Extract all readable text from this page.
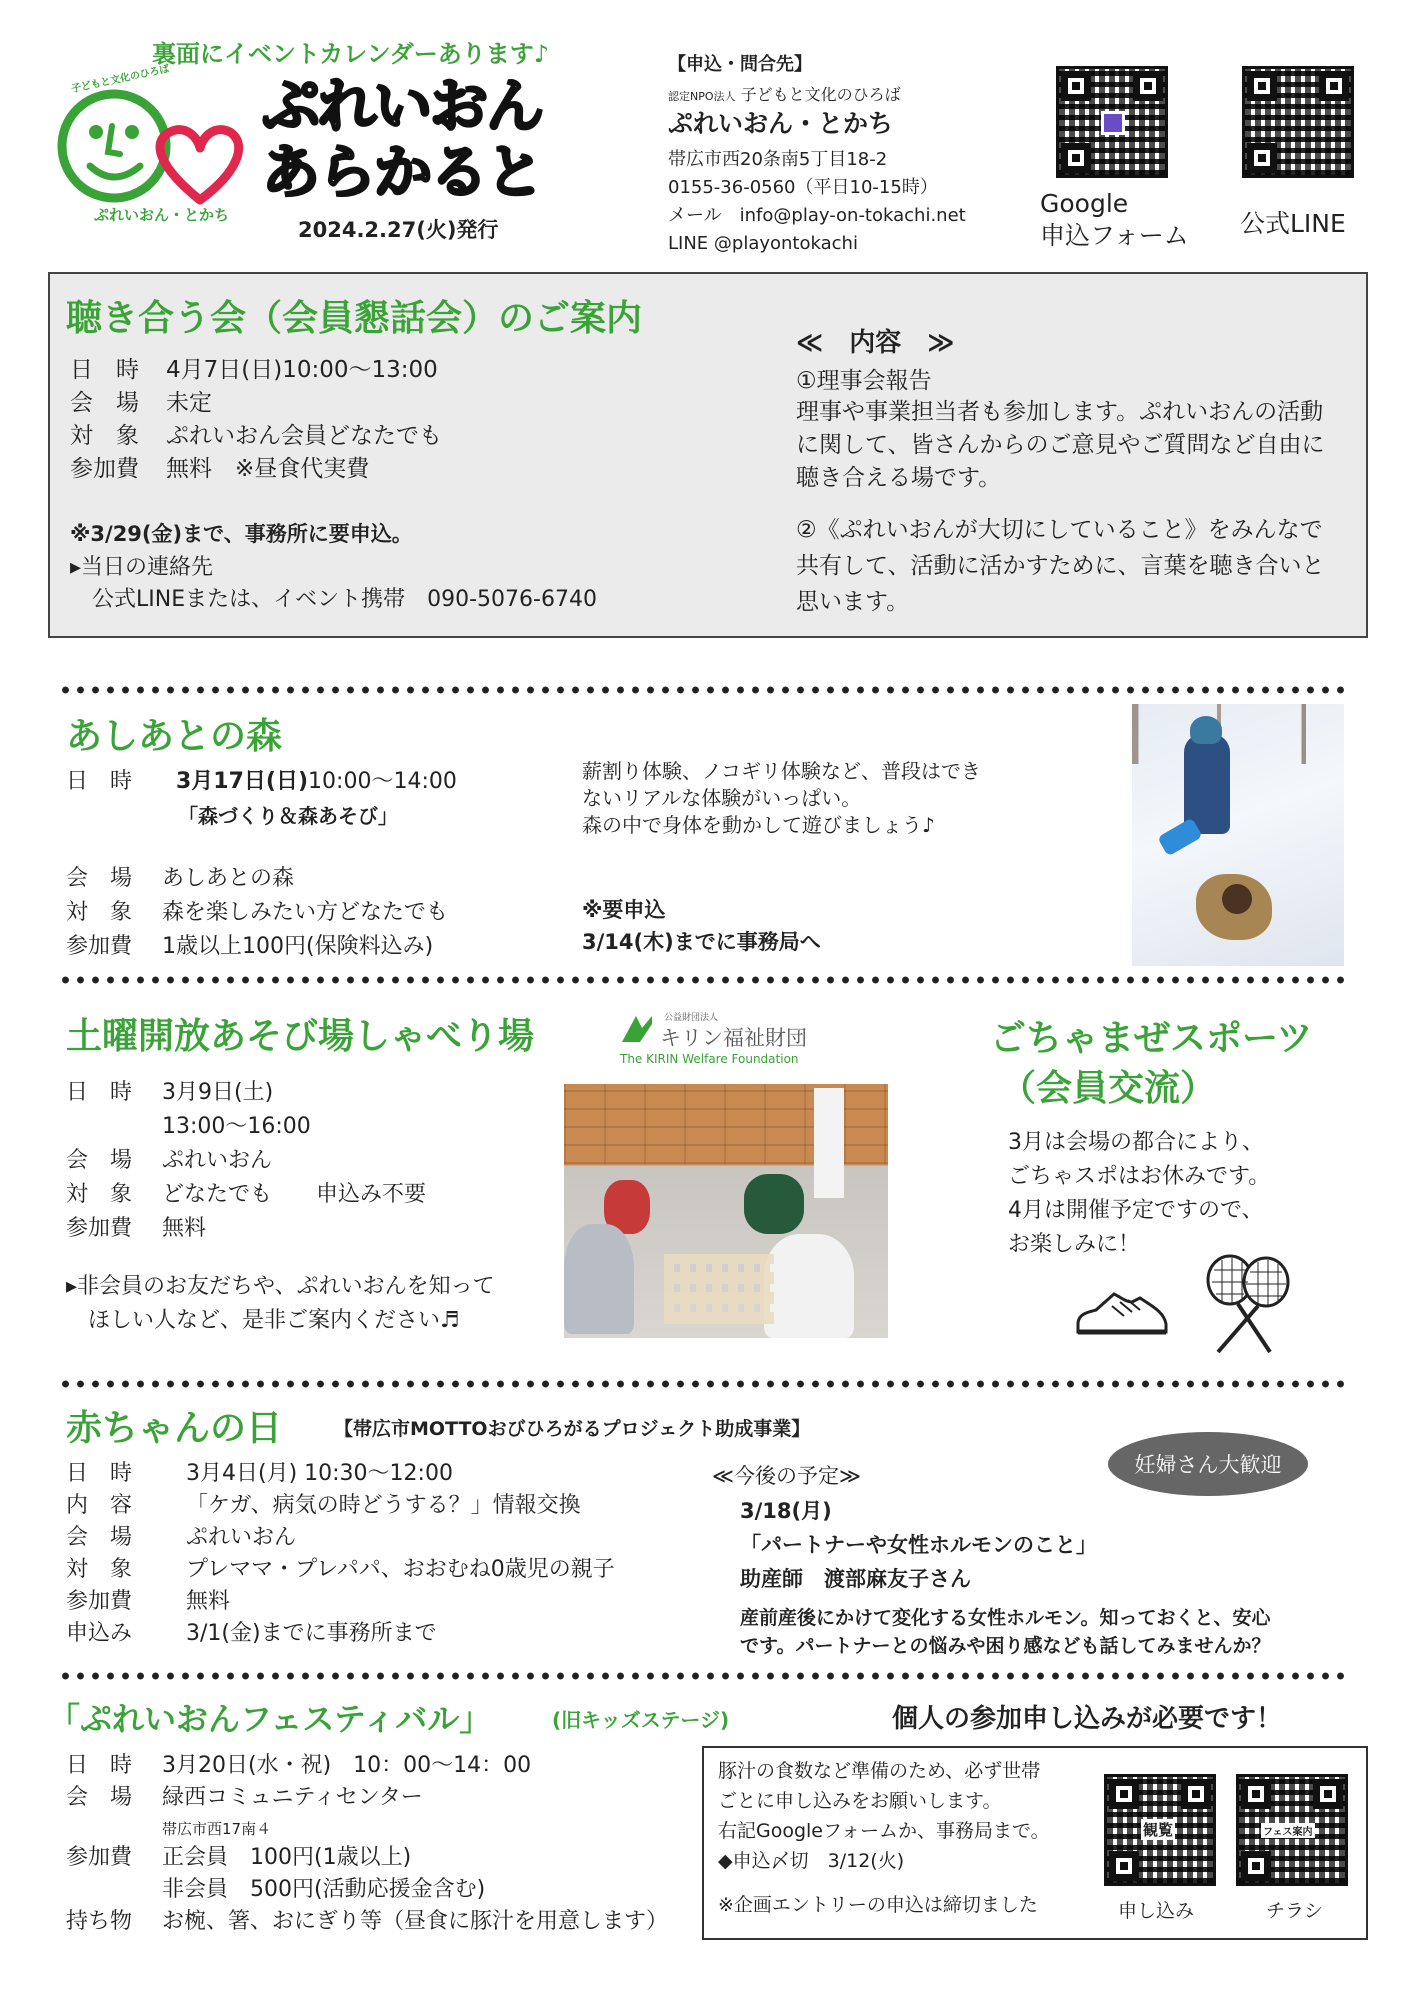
裏面にイベントカレンダーあります♪
子どもと文化のひろば
ぷれいおん・とかち
ぷれいおん
あらかると
2024.2.27(火)発行
【申込・問合先】
認定NPO法人 子どもと文化のひろば
ぷれいおん・とかち
帯広市西20条南5丁目18-2
0155-36-0560（平日10-15時）
メール　info@play-on-tokachi.net
LINE @playontokachi
Google
申込フォーム 公式LINE
聴き合う会（会員懇話会）のご案内
日　時	4月7日(日)10:00～13:00
会　場	未定
対　象	ぷれいおん会員どなたでも
参加費	無料　※昼食代実費
※3/29(金)まで、事務所に要申込。
▸当日の連絡先
公式LINEまたは、イベント携帯　090-5076-6740
≪　内容　≫
①理事会報告
理事や事業担当者も参加します。ぷれいおんの活動に関して、皆さんからのご意見やご質問など自由に聴き合える場です。
②《ぷれいおんが大切にしていること》をみんなで共有して、活動に活かすために、言葉を聴き合いと思います。
あしあとの森
日　時	3月17日(日) 10:00～14:00
「森づくり＆森あそび」
会　場	あしあとの森
対　象	森を楽しみたい方どなたでも
参加費	1歳以上100円(保険料込み)
薪割り体験、ノコギリ体験など、普段はでき
ないリアルな体験がいっぱい。
森の中で身体を動かして遊びましょう♪
※要申込
3/14(木)までに事務局へ
土曜開放あそび場しゃべり場	公益財団法人
キリン福祉財団
The KIRIN Welfare Foundation
日　時	3月9日(土)
13:00～16:00
会　場	ぷれいおん
対　象	どなたでも　　申込み不要
参加費	無料
▸非会員のお友だちや、ぷれいおんを知って
ほしい人など、是非ご案内ください♬
ごちゃまぜスポーツ
（会員交流）
3月は会場の都合により、
ごちゃスポはお休みです。
4月は開催予定ですので、
お楽しみに！
赤ちゃんの日	【帯広市MOTTOおびひろがるプロジェクト助成事業】
日　時	3月4日(月) 10:30～12:00
内　容	「ケガ、病気の時どうする？」情報交換
会　場	ぷれいおん
対　象	プレママ・プレパパ、おおむね0歳児の親子
参加費	無料
申込み	3/1(金)までに事務所まで
≪今後の予定≫
3/18(月)
「パートナーや女性ホルモンのこと」
助産師　渡部麻友子さん
産前産後にかけて変化する女性ホルモン。知っておくと、安心
です。パートナーとの悩みや困り感なども話してみませんか？
妊婦さん大歓迎
「ぷれいおんフェスティバル」	(旧キッズステージ)	個人の参加申し込みが必要です！
日　時	3月20日(水・祝)　10：00～14：00
会　場	緑西コミュニティセンター
帯広市西17南４
参加費	正会員　100円(1歳以上)
非会員　500円(活動応援金含む)
持ち物	お椀、箸、おにぎり等（昼食に豚汁を用意します）
豚汁の食数など準備のため、必ず世帯
ごとに申し込みをお願いします。
右記Googleフォームか、事務局まで。
◆申込〆切　3/12(火)
※企画エントリーの申込は締切ました
観覧	フェス案内
申し込み	チラシ
